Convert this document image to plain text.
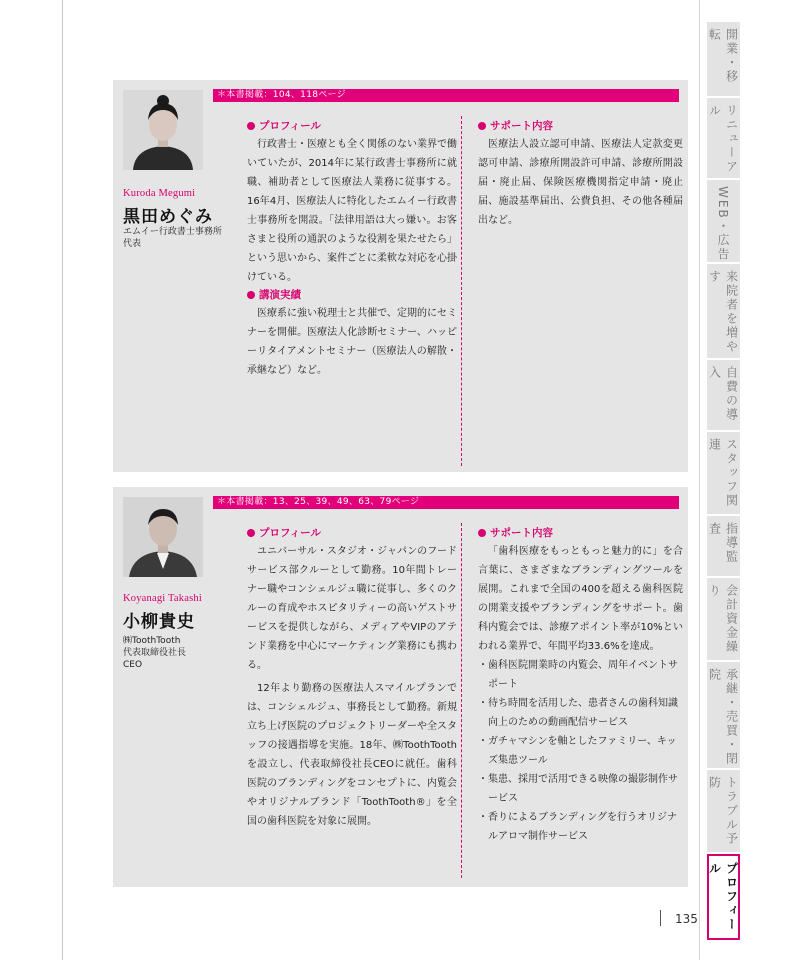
Kuroda Megumi
黒田めぐみ
エムイー行政書士事務所
代表
＊本書掲載：104、118ページ
プロフィール

行政書士・医療とも全く関係のない業界で働いていたが、2014年に某行政書士事務所に就職、補助者として医療法人業務に従事する。16年4月、医療法人に特化したエムイー行政書士事務所を開設。「法律用語は大っ嫌い。お客さまと役所の通訳のような役割を果たせたら」という思いから、案件ごとに柔軟な対応を心掛けている。

講演実績

医療系に強い税理士と共催で、定期的にセミナーを開催。医療法人化診断セミナー、ハッピーリタイアメントセミナー（医療法人の解散・承継など）など。

サポート内容

医療法人設立認可申請、医療法人定款変更認可申請、診療所開設許可申請、診療所開設届・廃止届、保険医療機関指定申請・廃止届、施設基準届出、公費負担、その他各種届出など。

Koyanagi Takashi
小柳貴史
㈱ToothTooth
代表取締役社長
CEO
＊本書掲載：13、25、39、49、63、79ページ
プロフィール

ユニバーサル・スタジオ・ジャパンのフードサービス部クルーとして勤務。10年間トレーナー職やコンシェルジュ職に従事し、多くのクルーの育成やホスピタリティーの高いゲストサービスを提供しながら、メディアやVIPのアテンド業務を中心にマーケティング業務にも携わる。

12年より勤務の医療法人スマイルプランでは、コンシェルジュ、事務長として勤務。新規立ち上げ医院のプロジェクトリーダーや全スタッフの接遇指導を実施。18年、㈱ToothToothを設立し、代表取締役社長CEOに就任。歯科医院のブランディングをコンセプトに、内覧会やオリジナルブランド「ToothTooth®」を全国の歯科医院を対象に展開。

サポート内容

「歯科医療をもっともっと魅力的に」を合言葉に、さまざまなブランディングツールを展開。これまで全国の400を超える歯科医院の開業支援やブランディングをサポート。歯科内覧会では、診療アポイント率が10%といわれる業界で、年間平均33.6%を達成。

・ 歯科医院開業時の内覧会、周年イベントサポート
・ 待ち時間を活用した、患者さんの歯科知識向上のための動画配信サービス
・ ガチャマシンを軸としたファミリー、キッズ集患ツール
・ 集患、採用で活用できる映像の撮影制作サービス
・ 香りによるブランディングを行うオリジナルアロマ制作サービス
開業・移転
リニューアル
WEB・広告
来院者を増やす
自費の導入
スタッフ関連
指導監査
会計資金繰り
承継・売買・閉院
トラブル予防
プロフィール
135
